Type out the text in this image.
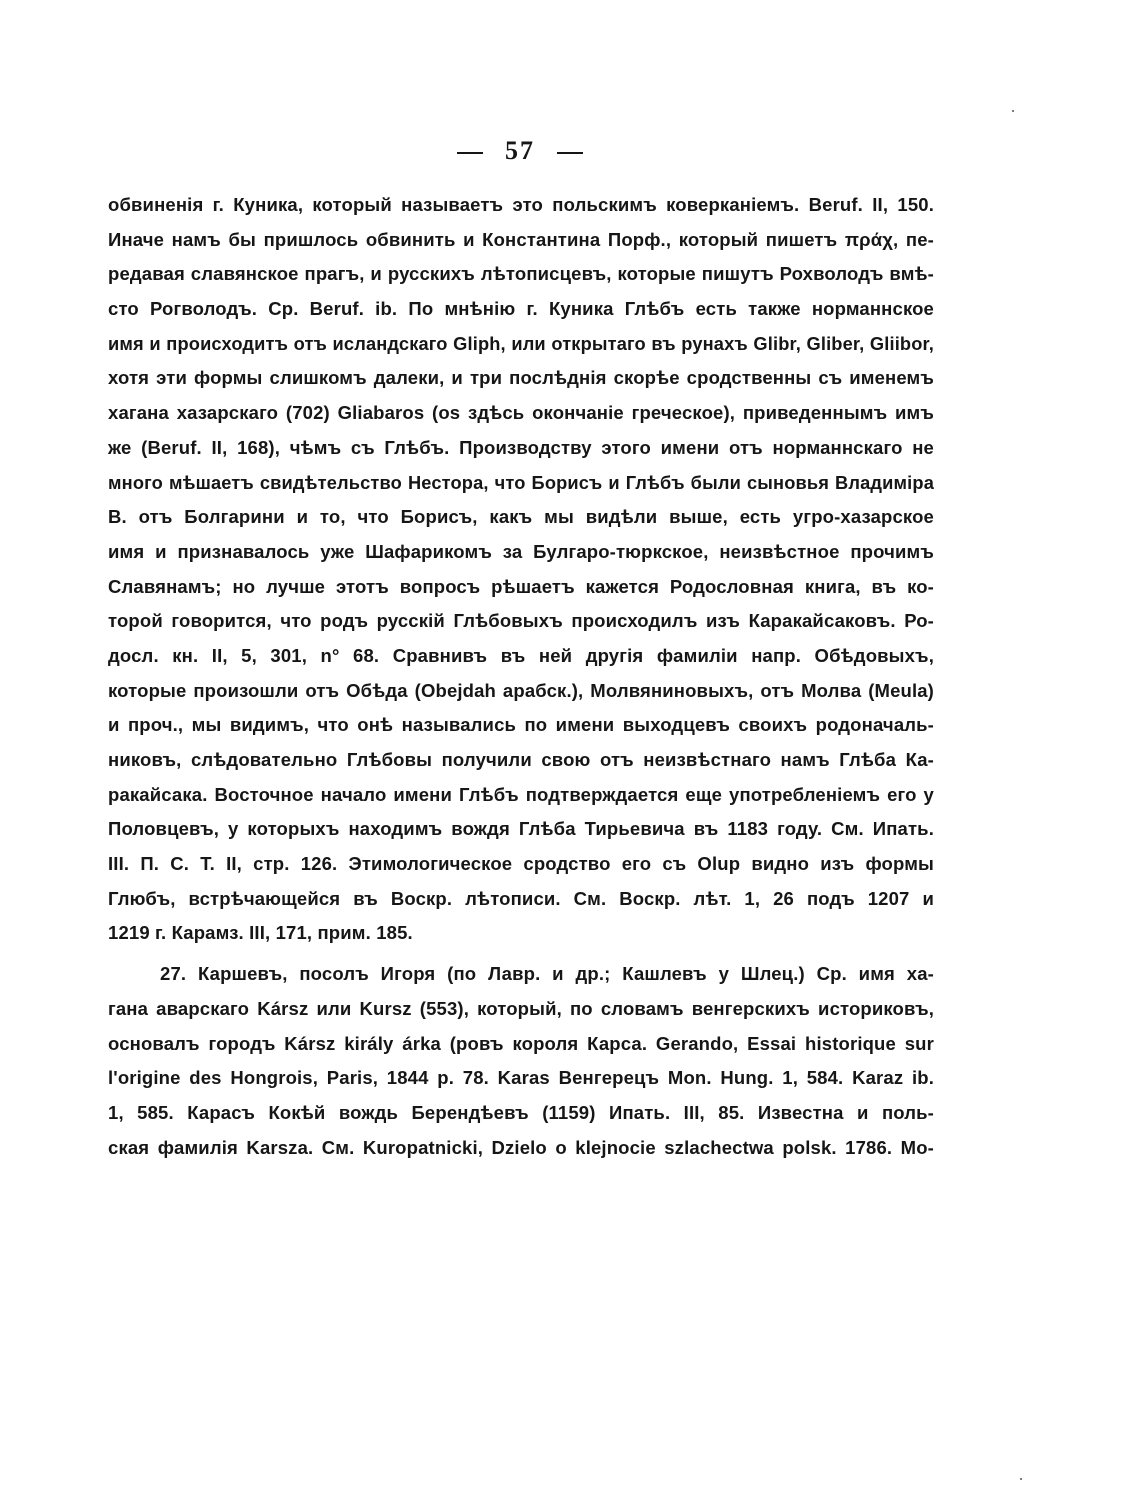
57
обвиненія г. Куника, который называетъ это польскимъ коверканіемъ. Beruf. II, 150.
Иначе намъ бы пришлось обвинить и Константина Порф., который пишетъ πράχ, пе-
редавая славянское прагъ, и русскихъ лѣтописцевъ, которые пишутъ Рохволодъ вмѣ-
сто Рогволодъ. Ср. Beruf. ib. По мнѣнію г. Куника Глѣбъ есть также норманнское
имя и происходитъ отъ исландскаго Gliph, или открытаго въ рунахъ Glibr, Gliber, Gliibor,
хотя эти формы слишкомъ далеки, и три послѣднія скорѣе сродственны съ именемъ
хагана хазарскаго (702) Gliabaros (os здѣсь окончаніе греческое), приведеннымъ имъ
же (Beruf. II, 168), чѣмъ съ Глѣбъ. Производству этого имени отъ норманнскаго не
много мѣшаетъ свидѣтельство Нестора, что Борисъ и Глѣбъ были сыновья Владиміра
В. отъ Болгарини и то, что Борисъ, какъ мы видѣли выше, есть угро-хазарское
имя и признавалось уже Шафарикомъ за Булгаро-тюркское, неизвѣстное прочимъ
Славянамъ; но лучше этотъ вопросъ рѣшаетъ кажется Родословная книга, въ ко-
торой говорится, что родъ русскій Глѣбовыхъ происходилъ изъ Каракайсаковъ. Ро-
досл. кн. II, 5, 301, n° 68. Сравнивъ въ ней другія фамиліи напр. Обѣдовыхъ,
которые произошли отъ Обѣда (Obejdah арабск.), Молвяниновыхъ, отъ Молва (Meula)
и проч., мы видимъ, что онѣ назывались по имени выходцевъ своихъ родоначаль-
никовъ, слѣдовательно Глѣбовы получили свою отъ неизвѣстнаго намъ Глѣба Ка-
ракайсака. Восточное начало имени Глѣбъ подтверждается еще употребленіемъ его у
Половцевъ, у которыхъ находимъ вождя Глѣба Тирьевича въ 1183 году. См. Ипать.
III. П. С. Т. II, стр. 126. Этимологическое сродство его съ Olup видно изъ формы
Глюбъ, встрѣчающейся въ Воскр. лѣтописи. См. Воскр. лѣт. 1, 26 подъ 1207 и
1219 г. Карамз. III, 171, прим. 185.
27. Каршевъ, посолъ Игоря (по Лавр. и др.; Кашлевъ у Шлец.) Ср. имя ха-
гана аварскаго Kársz или Kursz (553), который, по словамъ венгерскихъ историковъ,
основалъ городъ Kársz király árka (ровъ короля Карса. Gerando, Essai historique sur
l'origine des Hongrois, Paris, 1844 p. 78. Karas Венгерецъ Mon. Hung. 1, 584. Karaz ib.
1, 585. Карасъ Кокѣй вождь Берендѣевъ (1159) Ипать. III, 85. Известна и поль-
ская фамилія Karsza. См. Kuropatnicki, Dzielo o klejnocie szlachectwa polsk. 1786. Мо-
